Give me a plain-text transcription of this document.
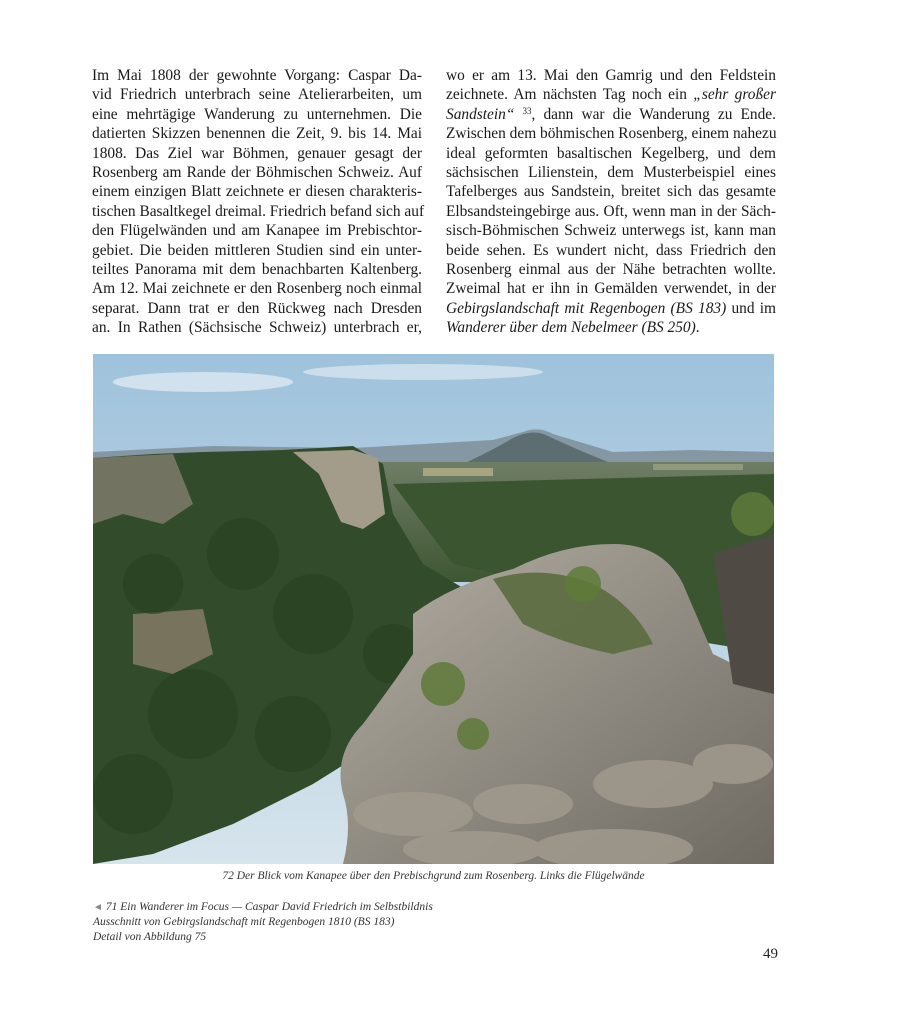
Im Mai 1808 der gewohnte Vorgang: Caspar Da-
vid Friedrich unterbrach seine Atelierarbeiten, um
eine mehrtägige Wanderung zu unternehmen. Die
datierten Skizzen benennen die Zeit, 9. bis 14. Mai
1808. Das Ziel war Böhmen, genauer gesagt der
Rosenberg am Rande der Böhmischen Schweiz. Auf
einem einzigen Blatt zeichnete er diesen charakteris-
tischen Basaltkegel dreimal. Friedrich befand sich auf
den Flügelwänden und am Kanapee im Prebischtor-
gebiet. Die beiden mittleren Studien sind ein unter-
teiltes Panorama mit dem benachbarten Kaltenberg.
Am 12. Mai zeichnete er den Rosenberg noch einmal
separat. Dann trat er den Rückweg nach Dresden
an. In Rathen (Sächsische Schweiz) unterbrach er,
wo er am 13. Mai den Gamrig und den Feldstein
zeichnete. Am nächsten Tag noch ein „sehr großer
Sandstein“ $^{33}$, dann war die Wanderung zu Ende.
Zwischen dem böhmischen Rosenberg, einem nahezu
ideal geformten basaltischen Kegelberg, und dem
sächsischen Lilienstein, dem Musterbeispiel eines
Tafelberges aus Sandstein, breitet sich das gesamte
Elbsandsteingebirge aus. Oft, wenn man in der Säch-
sisch-Böhmischen Schweiz unterwegs ist, kann man
beide sehen. Es wundert nicht, dass Friedrich den
Rosenberg einmal aus der Nähe betrachten wollte.
Zweimal hat er ihn in Gemälden verwendet, in der
Gebirgslandschaft mit Regenbogen (BS 183) und im
Wanderer über dem Nebelmeer (BS 250).
72 Der Blick vom Kanapee über den Prebischgrund zum Rosenberg. Links die Flügelwände
◄ 71 Ein Wanderer im Focus — Caspar David Friedrich im Selbstbildnis
Ausschnitt von Gebirgslandschaft mit Regenbogen 1810 (BS 183)
Detail von Abbildung 75
49
